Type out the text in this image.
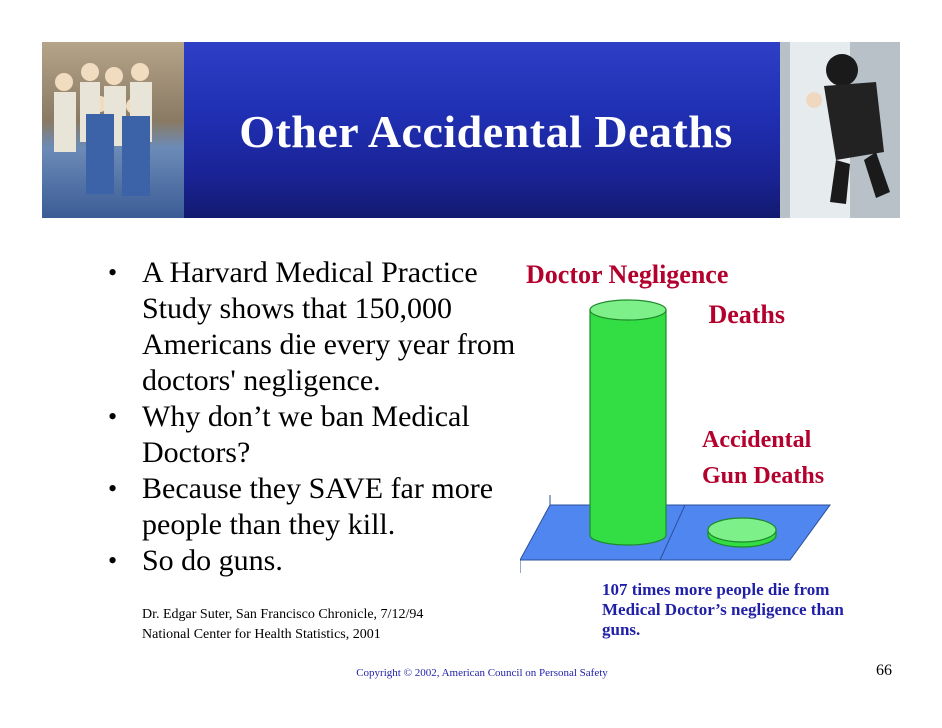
Other Accidental Deaths
• A Harvard Medical Practice Study shows that 150,000 Americans die every year from doctors' negligence.
• Why don’t we ban Medical Doctors?
• Because they SAVE far more people than they kill.
• So do guns.
Dr. Edgar Suter, San Francisco Chronicle, 7/12/94
National Center for Health Statistics, 2001
Doctor Negligence
Deaths
Accidental
Gun Deaths
107 times more people die from Medical Doctor’s negligence than guns.
Copyright © 2002, American Council on Personal Safety	66
